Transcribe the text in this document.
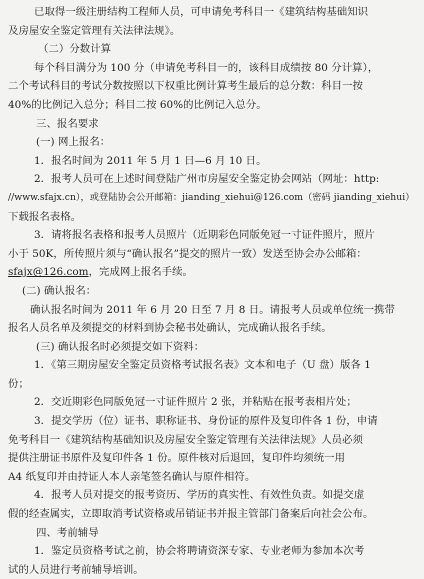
已取得一级注册结构工程师人员，可申请免考科目一《建筑结构基础知识

及房屋安全鉴定管理有关法律法规》。

（二）分数计算

每个科目满分为 100 分（申请免考科目一的，该科目成绩按 80 分计算），

二个考试科目的考试分数按照以下权重比例计算考生最后的总分数：科目一按

40%的比例记入总分；科目二按 60%的比例记入总分。

三、报名要求

(一) 网上报名：

1．报名时间为 2011 年 5 月 1 日—6 月 10 日。

2．报考人员可在上述时间登陆广州市房屋安全鉴定协会网站（网址：http:

//www.sfajx.cn），或登陆协会公开邮箱：jianding_xiehui@126.com（密码 jianding_xiehui）

下载报名表格。

3．请将报名表格和报考人员照片（近期彩色同版免冠一寸证件照片，照片

小于 50K，所传照片须与“确认报名”提交的照片一致）发送至协会办公邮箱：

sfajx@126.com，完成网上报名手续。

(二) 确认报名：

确认报名时间为 2011 年 6 月 20 日至 7 月 8 日。请报考人员或单位统一携带

报名人员名单及须提交的材料到协会秘书处确认，完成确认报名手续。

(三) 确认报名时必须提交如下资料：

1．《第三期房屋安全鉴定员资格考试报名表》文本和电子（U 盘）版各 1

份；

2．交近期彩色同版免冠一寸证件照片 2 张，并粘贴在报考表相片处；

3．提交学历（位）证书、职称证书、身份证的原件及复印件各 1 份，申请

免考科目一《建筑结构基础知识及房屋安全鉴定管理有关法律法规》人员必须

提供注册证书原件及复印件各 1 份。原件核对后退回，复印件均须统一用

A4 纸复印并由持证人本人亲笔签名确认与原件相符。

4．报考人员对提交的报考资历、学历的真实性、有效性负责。如提交虚

假的经查属实，立即取消考试资格或吊销证书并报主管部门备案后向社会公布。

四、考前辅导

1．鉴定员资格考试之前，协会将聘请资深专家、专业老师为参加本次考

试的人员进行考前辅导培训。
